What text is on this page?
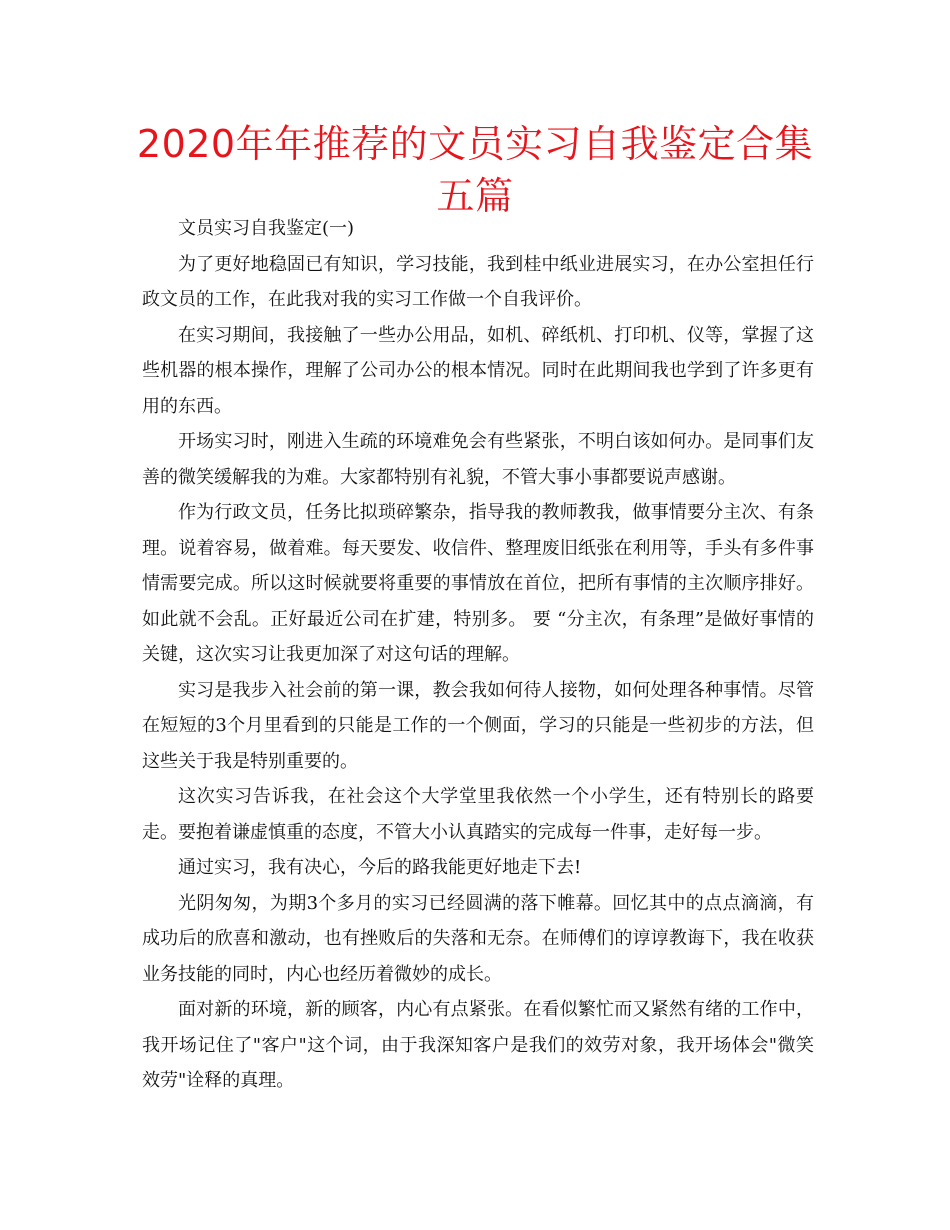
2020年年推荐的文员实习自我鉴定合集五篇

文员实习自我鉴定(一)

为了更好地稳固已有知识，学习技能，我到桂中纸业进展实习，在办公室担任行政文员的工作，在此我对我的实习工作做一个自我评价。

在实习期间，我接触了一些办公用品，如机、碎纸机、打印机、仪等，掌握了这些机器的根本操作，理解了公司办公的根本情况。同时在此期间我也学到了许多更有用的东西。

开场实习时，刚进入生疏的环境难免会有些紧张，不明白该如何办。是同事们友善的微笑缓解我的为难。大家都特别有礼貌，不管大事小事都要说声感谢。

作为行政文员，任务比拟琐碎繁杂，指导我的教师教我，做事情要分主次、有条理。说着容易，做着难。每天要发、收信件、整理废旧纸张在利用等，手头有多件事情需要完成。所以这时候就要将重要的事情放在首位，把所有事情的主次顺序排好。如此就不会乱。正好最近公司在扩建，特别多。 要 “分主次，有条理”是做好事情的关键，这次实习让我更加深了对这句话的理解。

实习是我步入社会前的第一课，教会我如何待人接物，如何处理各种事情。尽管在短短的3个月里看到的只能是工作的一个侧面，学习的只能是一些初步的方法，但这些关于我是特别重要的。

这次实习告诉我，在社会这个大学堂里我依然一个小学生，还有特别长的路要走。要抱着谦虚慎重的态度，不管大小认真踏实的完成每一件事，走好每一步。

通过实习，我有决心，今后的路我能更好地走下去!

光阴匆匆，为期3个多月的实习已经圆满的落下帷幕。回忆其中的点点滴滴，有成功后的欣喜和激动，也有挫败后的失落和无奈。在师傅们的谆谆教诲下，我在收获业务技能的同时，内心也经历着微妙的成长。

面对新的环境，新的顾客，内心有点紧张。在看似繁忙而又紧然有绪的工作中，我开场记住了"客户"这个词，由于我深知客户是我们的效劳对象，我开场体会"微笑效劳"诠释的真理。
